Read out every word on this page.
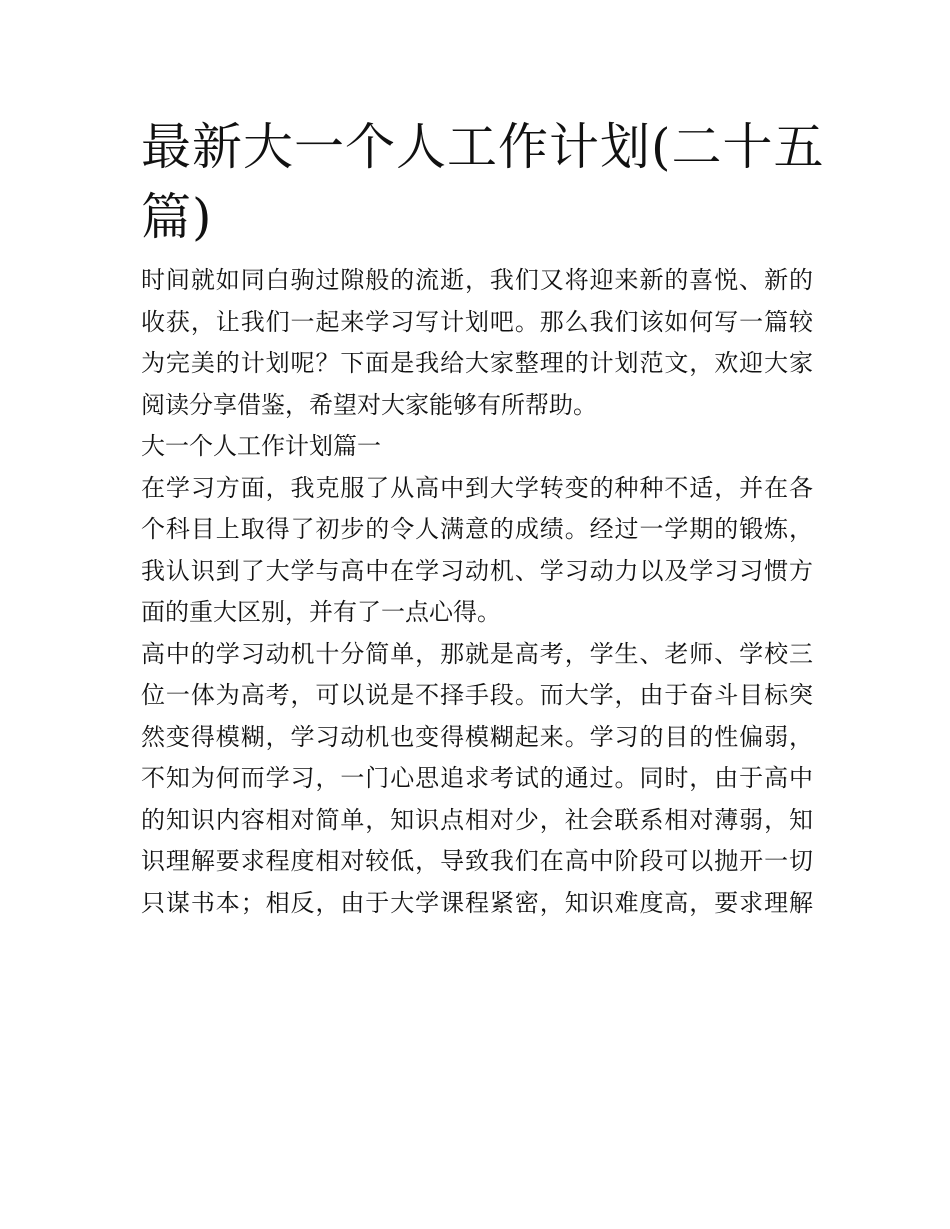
最新大一个人工作计划(二十五
篇)

时间就如同白驹过隙般的流逝，我们又将迎来新的喜悦、新的
收获，让我们一起来学习写计划吧。那么我们该如何写一篇较
为完美的计划呢？下面是我给大家整理的计划范文，欢迎大家
阅读分享借鉴，希望对大家能够有所帮助。

大一个人工作计划篇一

在学习方面，我克服了从高中到大学转变的种种不适，并在各
个科目上取得了初步的令人满意的成绩。经过一学期的锻炼，
我认识到了大学与高中在学习动机、学习动力以及学习习惯方
面的重大区别，并有了一点心得。

高中的学习动机十分简单，那就是高考，学生、老师、学校三
位一体为高考，可以说是不择手段。而大学，由于奋斗目标突
然变得模糊，学习动机也变得模糊起来。学习的目的性偏弱，
不知为何而学习，一门心思追求考试的通过。同时，由于高中
的知识内容相对简单，知识点相对少，社会联系相对薄弱，知
识理解要求程度相对较低，导致我们在高中阶段可以抛开一切
只谋书本；相反，由于大学课程紧密，知识难度高，要求理解
